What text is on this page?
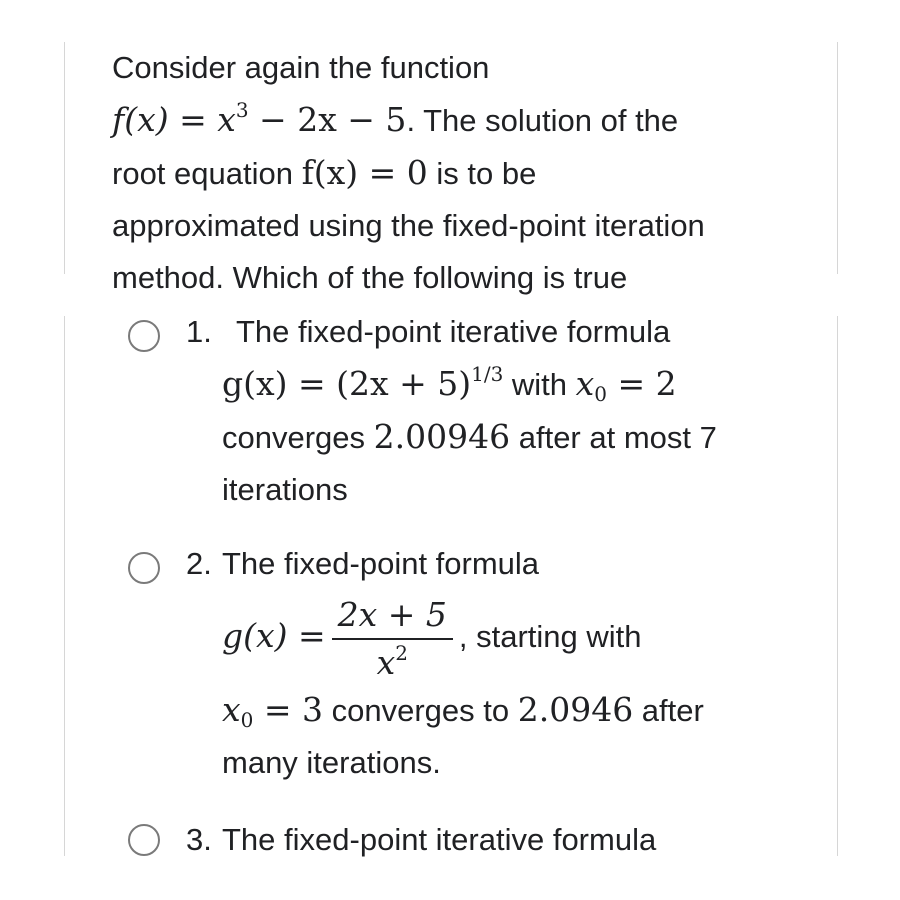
Consider again the function
$f(x) = x^3 - 2x - 5$. The solution of the
root equation f(x) = 0 is to be
approximated using the fixed-point iteration
method. Which of the following is true
1. The fixed-point iterative formula
$g(x) = (2x + 5)^{1/3}$ with $x_0 = 2$
converges 2.00946 after at most 7
iterations
2. The fixed-point formula
$g(x) = \frac{2x + 5}{x^2}$ , starting with
$x_0 = 3$ converges to 2.0946 after
many iterations.
3. The fixed-point iterative formula
